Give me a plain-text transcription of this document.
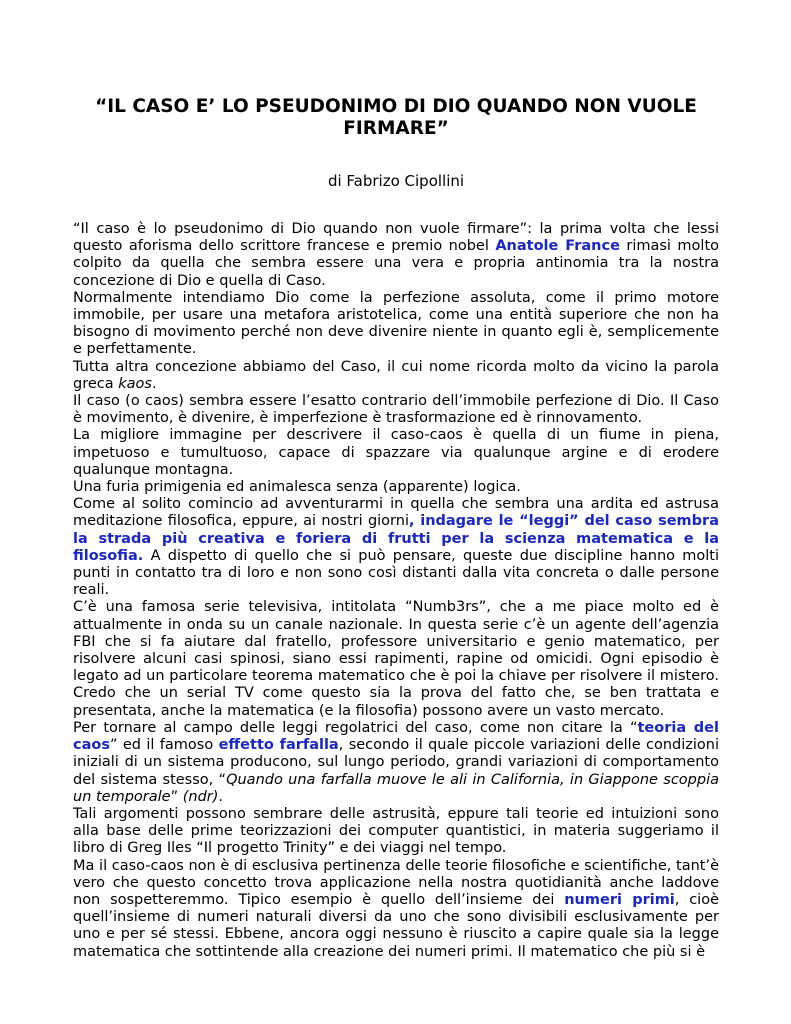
“IL CASO E’ LO PSEUDONIMO DI DIO QUANDO NON VUOLE FIRMARE”
di Fabrizo Cipollini

“Il caso è lo pseudonimo di Dio quando non vuole firmare”: la prima volta che lessi questo aforisma dello scrittore francese e premio nobel Anatole France rimasi molto colpito da quella che sembra essere una vera e propria antinomia tra la nostra concezione di Dio e quella di Caso.

Normalmente intendiamo Dio come la perfezione assoluta, come il primo motore immobile, per usare una metafora aristotelica, come una entità superiore che non ha bisogno di movimento perché non deve divenire niente in quanto egli è, semplicemente e perfettamente.

Tutta altra concezione abbiamo del Caso, il cui nome ricorda molto da vicino la parola greca kaos.

Il caso (o caos) sembra essere l’esatto contrario dell’immobile perfezione di Dio. Il Caso è movimento, è divenire, è imperfezione è trasformazione ed è rinnovamento.

La migliore immagine per descrivere il caso-caos è quella di un fiume in piena, impetuoso e tumultuoso, capace di spazzare via qualunque argine e di erodere qualunque montagna.

Una furia primigenia ed animalesca senza (apparente) logica.

Come al solito comincio ad avventurarmi in quella che sembra una ardita ed astrusa meditazione filosofica, eppure, ai nostri giorni, indagare le “leggi” del caso sembra la strada più creativa e foriera di frutti per la scienza matematica e la filosofia. A dispetto di quello che si può pensare, queste due discipline hanno molti punti in contatto tra di loro e non sono così distanti dalla vita concreta o dalle persone reali.

C’è una famosa serie televisiva, intitolata “Numb3rs”, che a me piace molto ed è attualmente in onda su un canale nazionale. In questa serie c’è un agente dell’agenzia FBI che si fa aiutare dal fratello, professore universitario e genio matematico, per risolvere alcuni casi spinosi, siano essi rapimenti, rapine od omicidi. Ogni episodio è legato ad un particolare teorema matematico che è poi la chiave per risolvere il mistero. Credo che un serial TV come questo sia la prova del fatto che, se ben trattata e presentata, anche la matematica (e la filosofia) possono avere un vasto mercato.

Per tornare al campo delle leggi regolatrici del caso, come non citare la “teoria del caos” ed il famoso effetto farfalla, secondo il quale piccole variazioni delle condizioni iniziali di un sistema producono, sul lungo periodo, grandi variazioni di comportamento del sistema stesso, “Quando una farfalla muove le ali in California, in Giappone scoppia un temporale” (ndr).

Tali argomenti possono sembrare delle astrusità, eppure tali teorie ed intuizioni sono alla base delle prime teorizzazioni dei computer quantistici, in materia suggeriamo il libro di Greg Iles “Il progetto Trinity” e dei viaggi nel tempo.

Ma il caso-caos non è di esclusiva pertinenza delle teorie filosofiche e scientifiche, tant’è vero che questo concetto trova applicazione nella nostra quotidianità anche laddove non sospetteremmo. Tipico esempio è quello dell’insieme dei numeri primi, cioè quell’insieme di numeri naturali diversi da uno che sono divisibili esclusivamente per uno e per sé stessi. Ebbene, ancora oggi nessuno è riuscito a capire quale sia la legge matematica che sottintende alla creazione dei numeri primi. Il matematico che più si è
